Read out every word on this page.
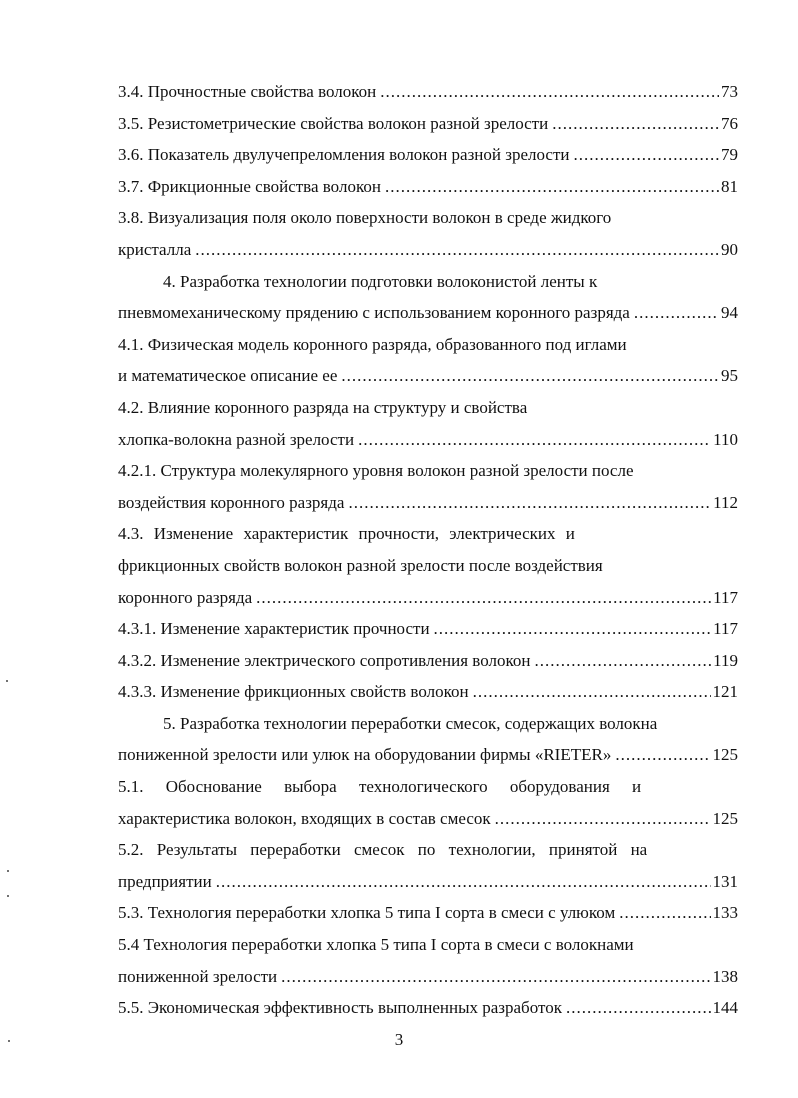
3.4. Прочностные свойства волокон .....	73
3.5. Резистометрические свойства волокон разной зрелости .....	76
3.6. Показатель двулучепреломления волокон разной зрелости .....	79
3.7. Фрикционные свойства волокон .....	81
3.8. Визуализация поля около поверхности волокон в среде жидкого
кристалла .....	90
4. Разработка технологии подготовки волоконистой ленты к
пневмомеханическому прядению с использованием коронного разряда .....	94
4.1. Физическая модель коронного разряда, образованного под иглами
и математическое описание ее .....	95
4.2. Влияние коронного разряда на структуру и свойства
хлопка-волокна разной зрелости .....	110
4.2.1. Структура молекулярного уровня волокон разной зрелости после
воздействия коронного разряда .....	112
4.3. Изменение характеристик прочности, электрических и
фрикционных свойств волокон разной зрелости после воздействия
коронного разряда .....	117
4.3.1. Изменение характеристик прочности .....	117
4.3.2. Изменение электрического сопротивления волокон .....	119
4.3.3. Изменение фрикционных свойств волокон .....	121
5. Разработка технологии переработки смесок, содержащих волокна
пониженной зрелости или улюк на оборудовании фирмы «RIETER» .....	125
5.1. Обоснование выбора технологического оборудования и
характеристика волокон, входящих в состав смесок .....	125
5.2. Результаты переработки смесок по технологии, принятой на
предприятии .....	131
5.3. Технология переработки хлопка 5 типа I сорта в смеси с улюком .....	133
5.4 Технология переработки хлопка 5 типа I сорта в смеси с волокнами
пониженной зрелости .....	138
5.5. Экономическая эффективность выполненных разработок .....	144
3
